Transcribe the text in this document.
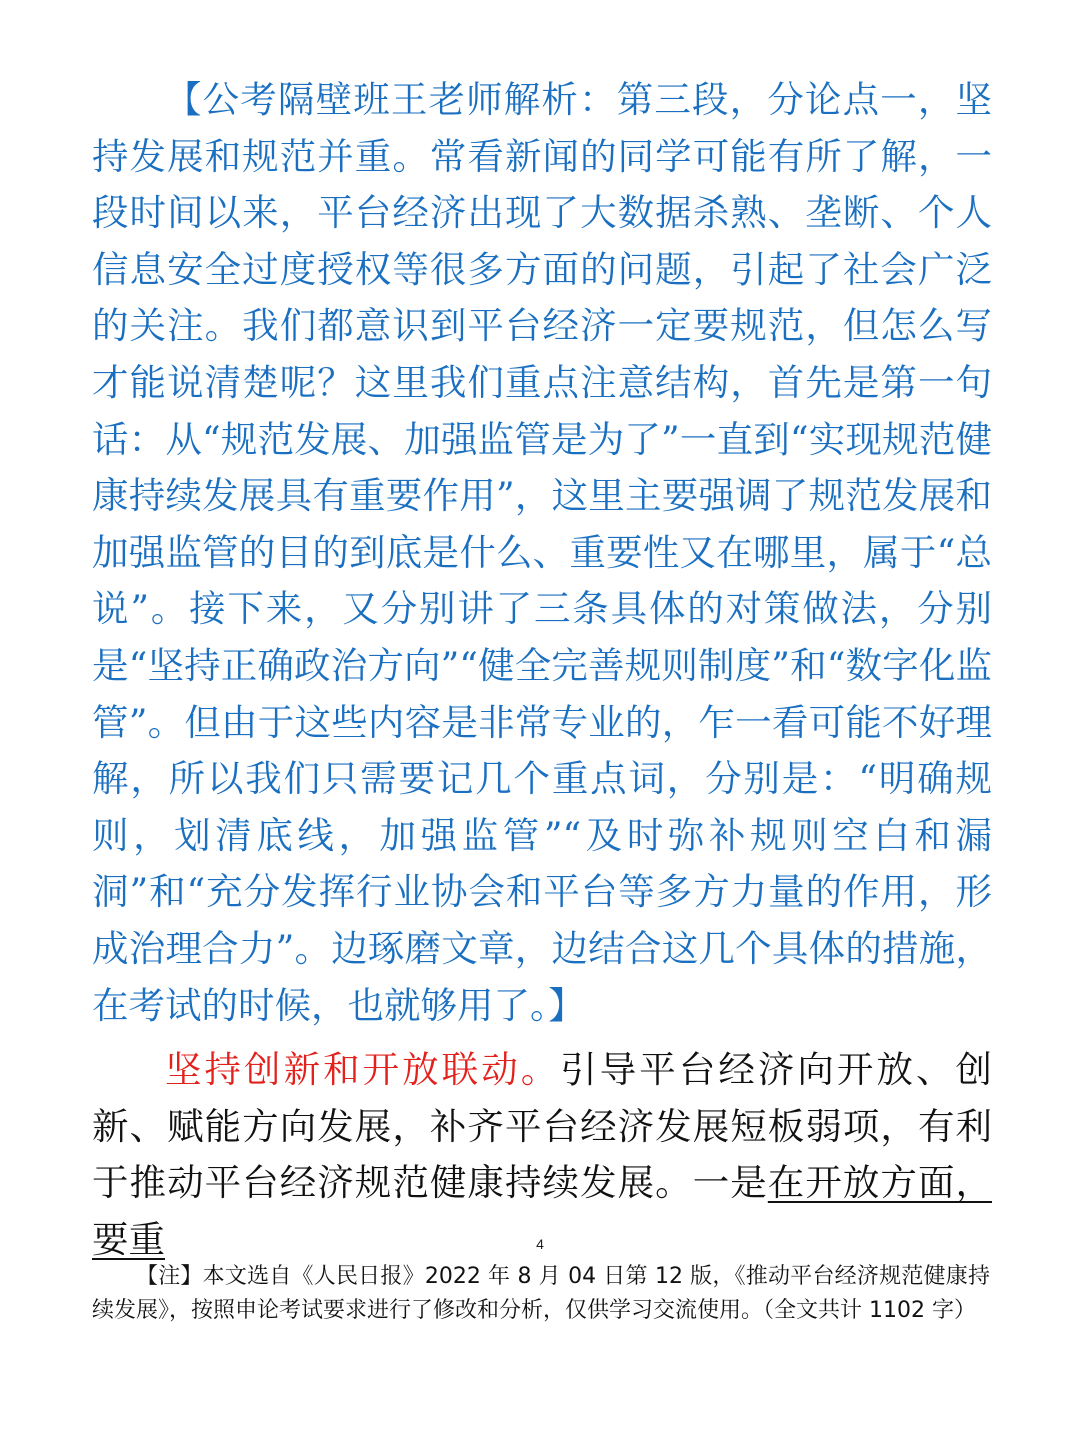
【公考隔壁班王老师解析：第三段，分论点一，坚持发展和规范并重。常看新闻的同学可能有所了解，一段时间以来，平台经济出现了大数据杀熟、垄断、个人信息安全过度授权等很多方面的问题，引起了社会广泛的关注。我们都意识到平台经济一定要规范，但怎么写才能说清楚呢？这里我们重点注意结构，首先是第一句话：从“规范发展、加强监管是为了”一直到“实现规范健康持续发展具有重要作用”，这里主要强调了规范发展和加强监管的目的到底是什么、重要性又在哪里，属于“总说”。接下来，又分别讲了三条具体的对策做法，分别是“坚持正确政治方向”“健全完善规则制度”和“数字化监管”。但由于这些内容是非常专业的，乍一看可能不好理解，所以我们只需要记几个重点词，分别是：“明确规则，划清底线，加强监管”“及时弥补规则空白和漏洞”和“充分发挥行业协会和平台等多方力量的作用，形成治理合力”。边琢磨文章，边结合这几个具体的措施，在考试的时候，也就够用了。】

坚持创新和开放联动。引导平台经济向开放、创新、赋能方向发展，补齐平台经济发展短板弱项，有利于推动平台经济规范健康持续发展。一是在开放方面，要重	4

【注】本文选自《人民日报》2022 年 8 月 04 日第 12 版，《推动平台经济规范健康持续发展》，按照申论考试要求进行了修改和分析，仅供学习交流使用。（全文共计 1102 字）
